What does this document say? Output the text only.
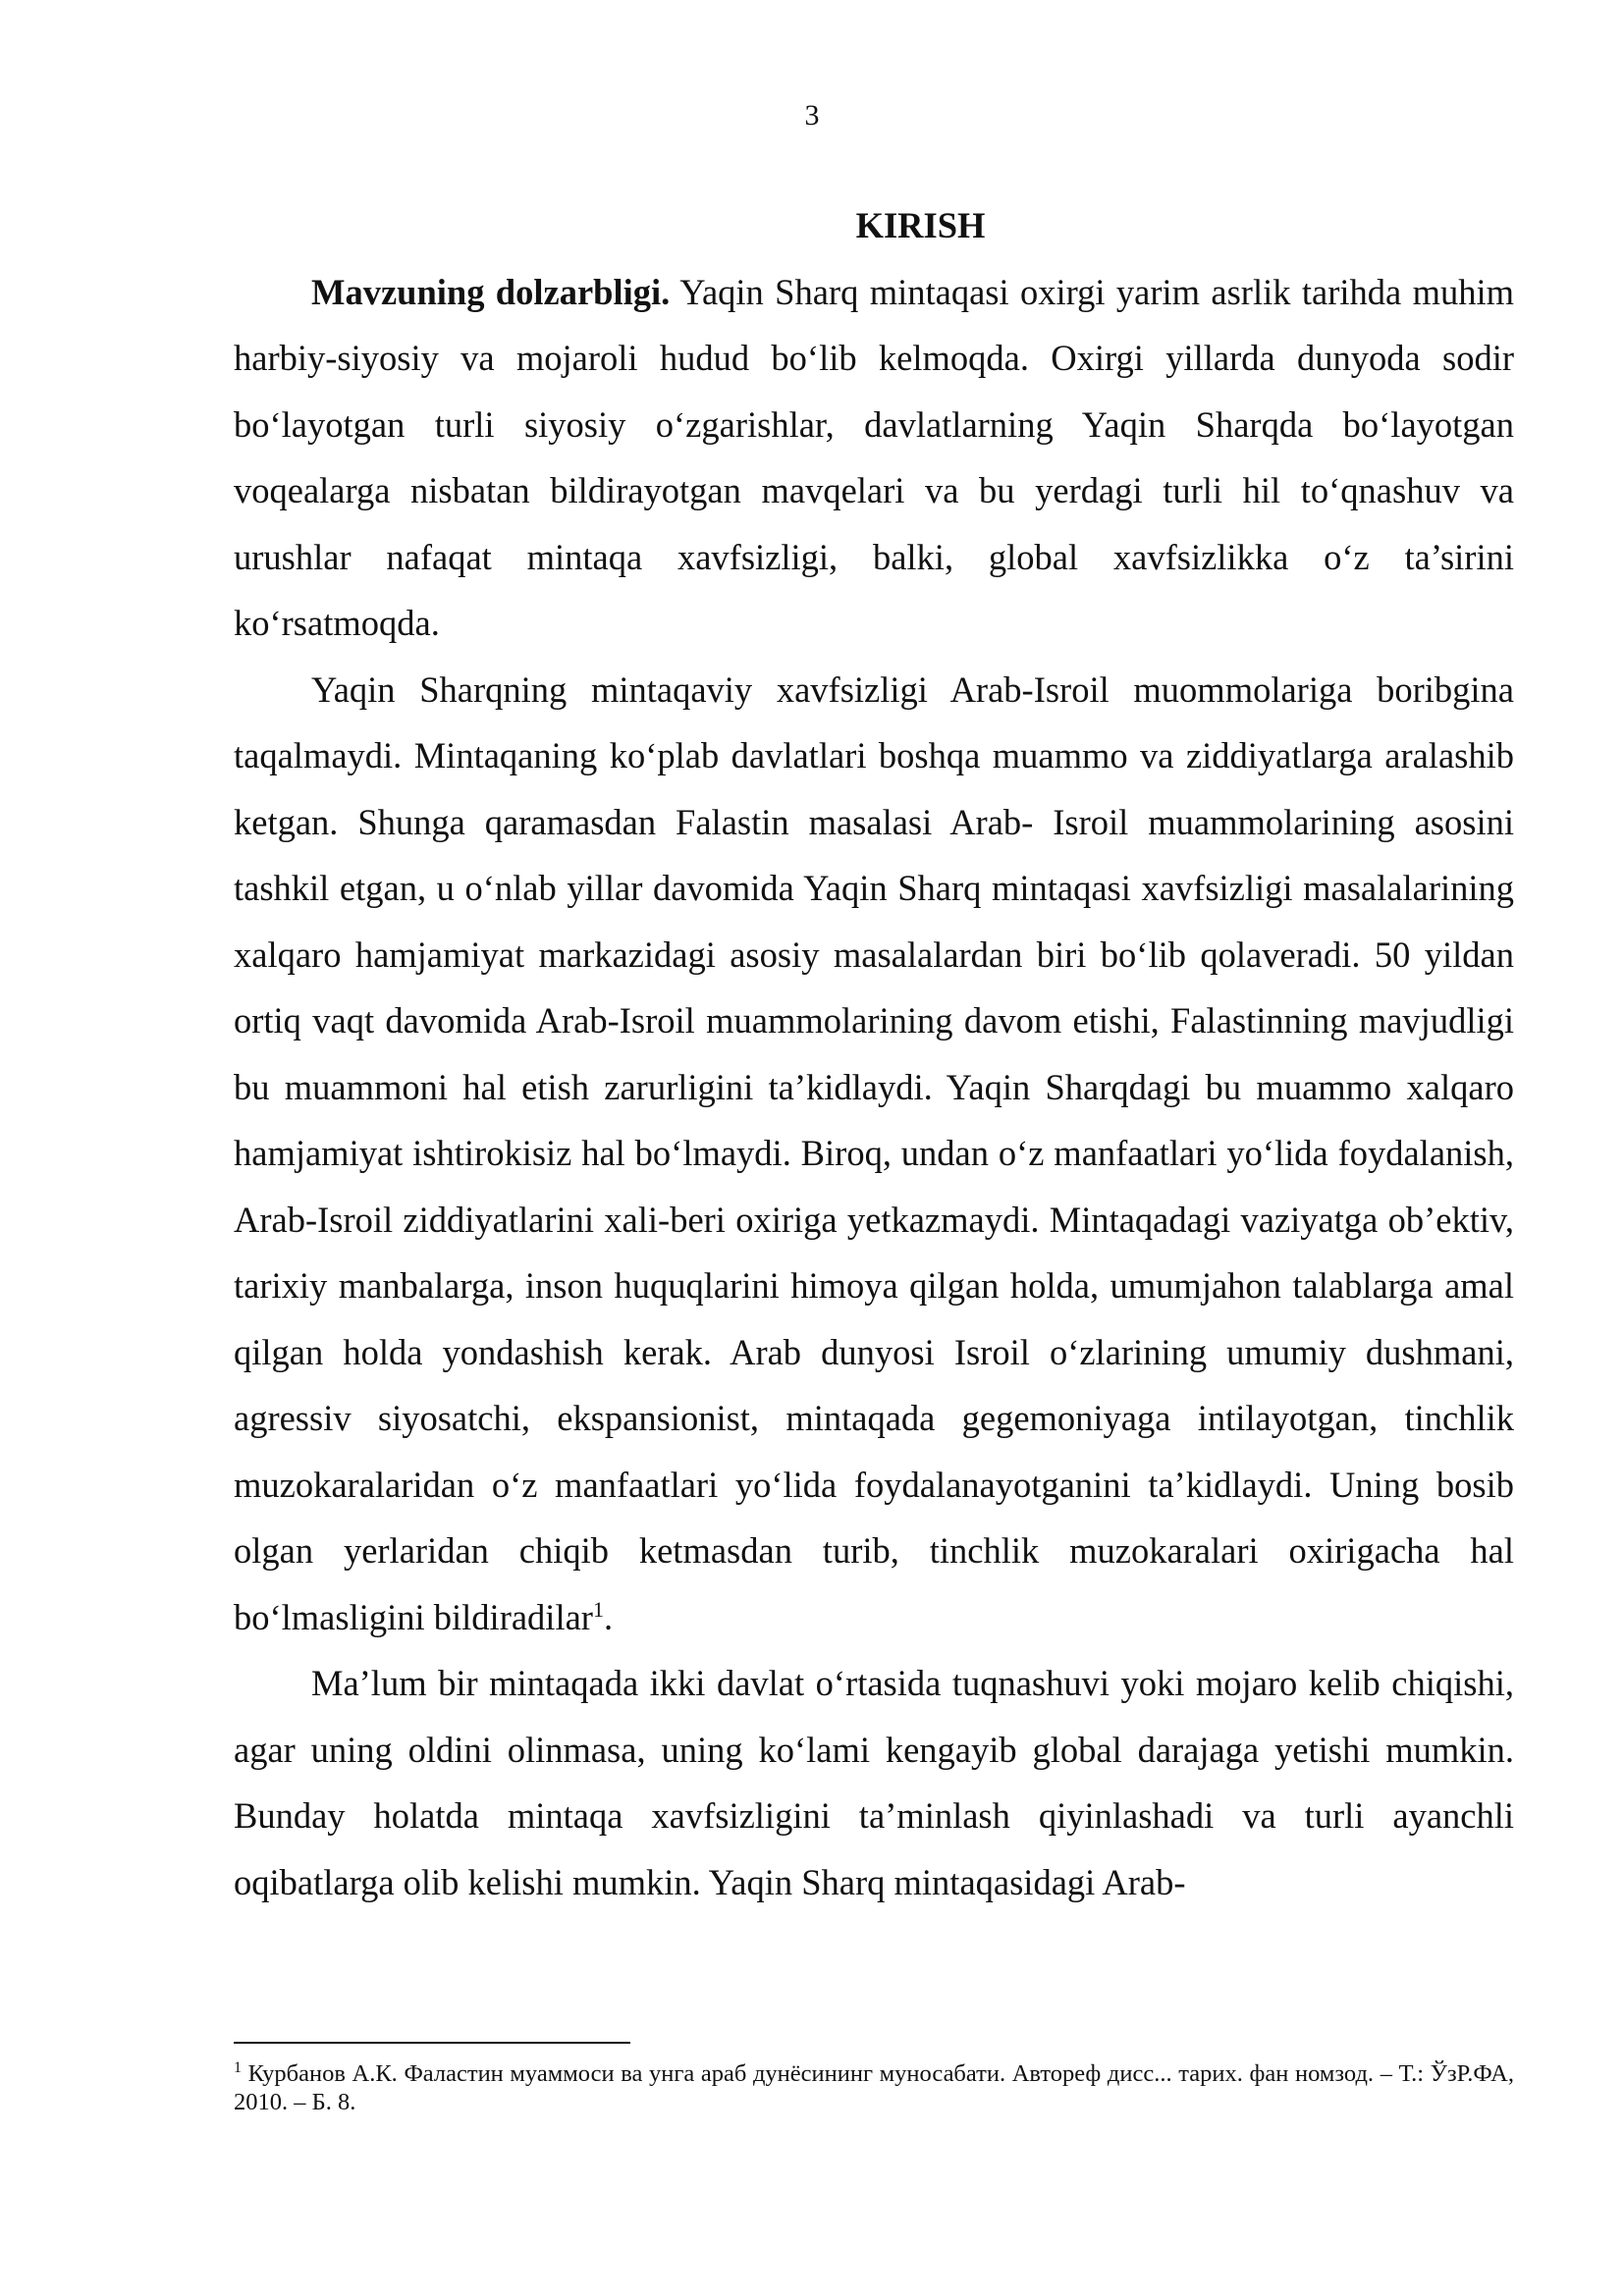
3
KIRISH

Mavzuning dolzarbligi. Yaqin Sharq mintaqasi oxirgi yarim asrlik tarihda muhim harbiy-siyosiy va mojaroli hudud bo‘lib kelmoqda. Oxirgi yillarda dunyoda sodir bo‘layotgan turli siyosiy o‘zgarishlar, davlatlarning Yaqin Sharqda bo‘layotgan voqealarga nisbatan bildirayotgan mavqelari va bu yerdagi turli hil to‘qnashuv va urushlar nafaqat mintaqa xavfsizligi, balki, global xavfsizlikka o‘z ta’sirini ko‘rsatmoqda.

Yaqin Sharqning mintaqaviy xavfsizligi Arab-Isroil muommolariga boribgina taqalmaydi. Mintaqaning ko‘plab davlatlari boshqa muammo va ziddiyatlarga aralashib ketgan. Shunga qaramasdan Falastin masalasi Arab- Isroil muammolarining asosini tashkil etgan, u o‘nlab yillar davomida Yaqin Sharq mintaqasi xavfsizligi masalalarining xalqaro hamjamiyat markazidagi asosiy masalalardan biri bo‘lib qolaveradi. 50 yildan ortiq vaqt davomida Arab-Isroil muammolarining davom etishi, Falastinning mavjudligi bu muammoni hal etish zarurligini ta’kidlaydi. Yaqin Sharqdagi bu muammo xalqaro hamjamiyat ishtirokisiz hal bo‘lmaydi. Biroq, undan o‘z manfaatlari yo‘lida foydalanish, Arab-Isroil ziddiyatlarini xali-beri oxiriga yetkazmaydi. Mintaqadagi vaziyatga ob’ektiv, tarixiy manbalarga, inson huquqlarini himoya qilgan holda, umumjahon talablarga amal qilgan holda yondashish kerak. Arab dunyosi Isroil o‘zlarining umumiy dushmani, agressiv siyosatchi, ekspansionist, mintaqada gegemoniyaga intilayotgan, tinchlik muzokaralaridan o‘z manfaatlari yo‘lida foydalanayotganini ta’kidlaydi. Uning bosib olgan yerlaridan chiqib ketmasdan turib, tinchlik muzokaralari oxirigacha hal bo‘lmasligini bildiradilar$^1$.

Ma’lum bir mintaqada ikki davlat o‘rtasida tuqnashuvi yoki mojaro kelib chiqishi, agar uning oldini olinmasa, uning ko‘lami kengayib global darajaga yetishi mumkin. Bunday holatda mintaqa xavfsizligini ta’minlash qiyinlashadi va turli ayanchli oqibatlarga olib kelishi mumkin. Yaqin Sharq mintaqasidagi Arab-

$^1$ Курбанов А.К. Фаластин муаммоси ва унга араб дунёсининг муносабати. Автореф дисс... тарих. фан номзод. – Т.: ЎзР.ФА, 2010. – Б. 8.
